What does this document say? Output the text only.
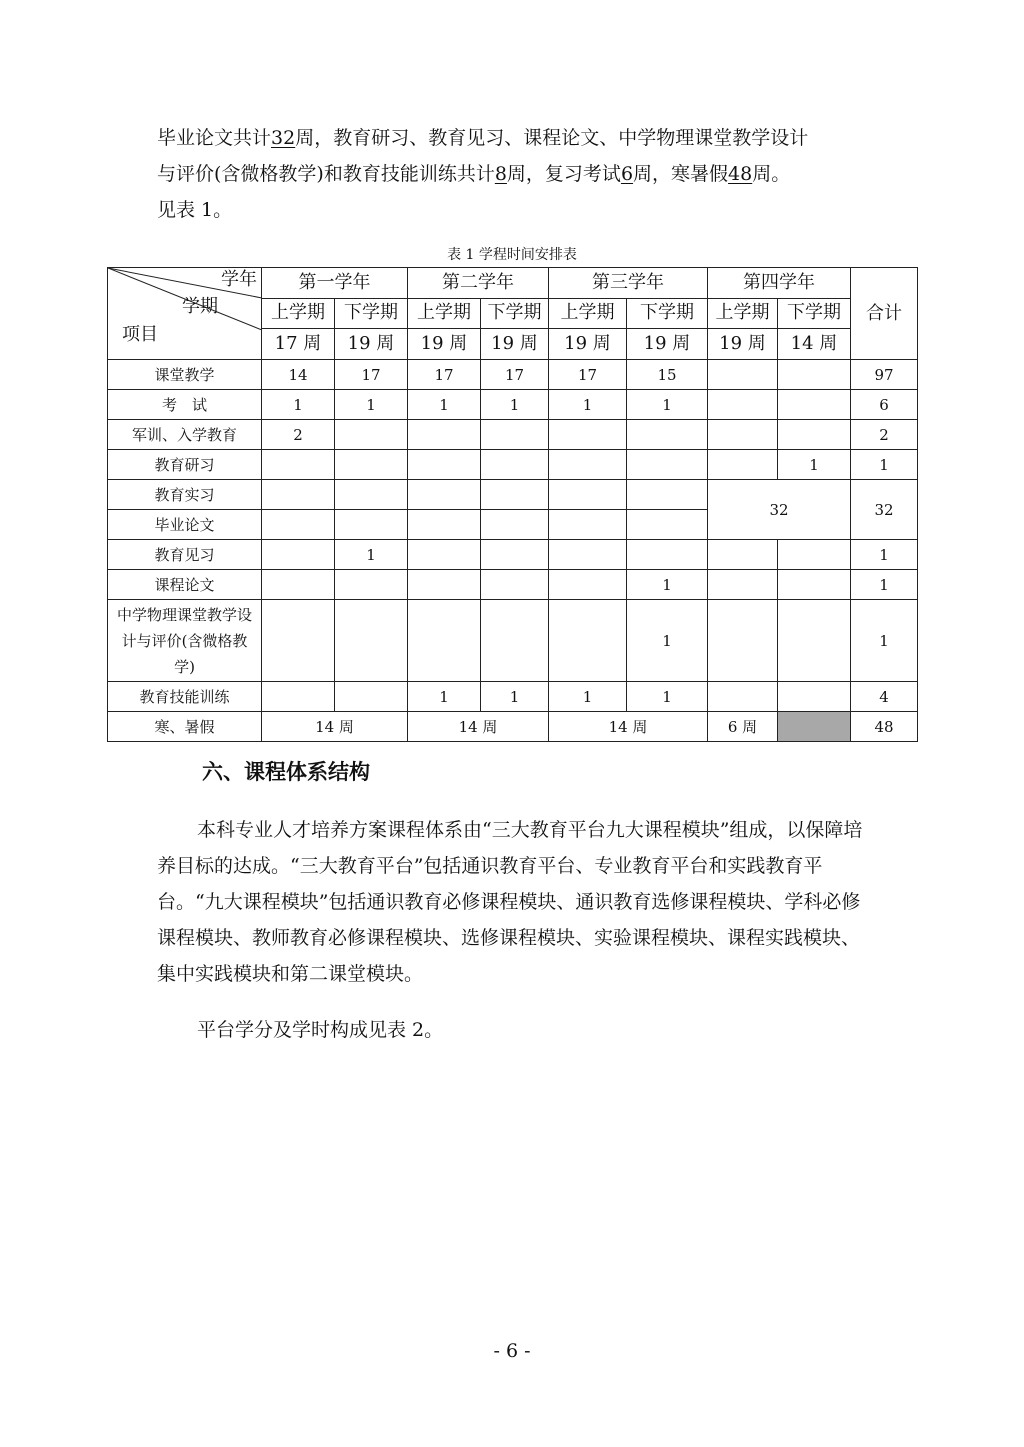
毕业论文共计32周，教育研习、教育见习、课程论文、中学物理课堂教学设计
与评价(含微格教学)和教育技能训练共计8周，复习考试6周，寒暑假48周。
见表 1。

表 1 学程时间安排表
学年
学期
项目	第一学年		第二学年		第三学年		第四学年		合计
	上学期	下学期	上学期	下学期	上学期	下学期	上学期	下学期	
	17 周	19 周	19 周	19 周	19 周	19 周	19 周	14 周	
课堂教学	14	17	17	17	17	15			97
考　试	1	1	1	1	1	1			6
军训、入学教育	2								2
教育研习								1	1
教育实习							32		32
毕业论文									
教育见习		1							1
课程论文						1			1
中学物理课堂教学设计与评价(含微格教学)						1			1
教育技能训练			1	1	1	1			4
寒、暑假	14 周		14 周		14 周		6 周		48
六、课程体系结构

本科专业人才培养方案课程体系由“三大教育平台九大课程模块”组成，以保障培养目标的达成。“三大教育平台”包括通识教育平台、专业教育平台和实践教育平台。“九大课程模块”包括通识教育必修课程模块、通识教育选修课程模块、学科必修课程模块、教师教育必修课程模块、选修课程模块、实验课程模块、课程实践模块、集中实践模块和第二课堂模块。

平台学分及学时构成见表 2。

- 6 -
